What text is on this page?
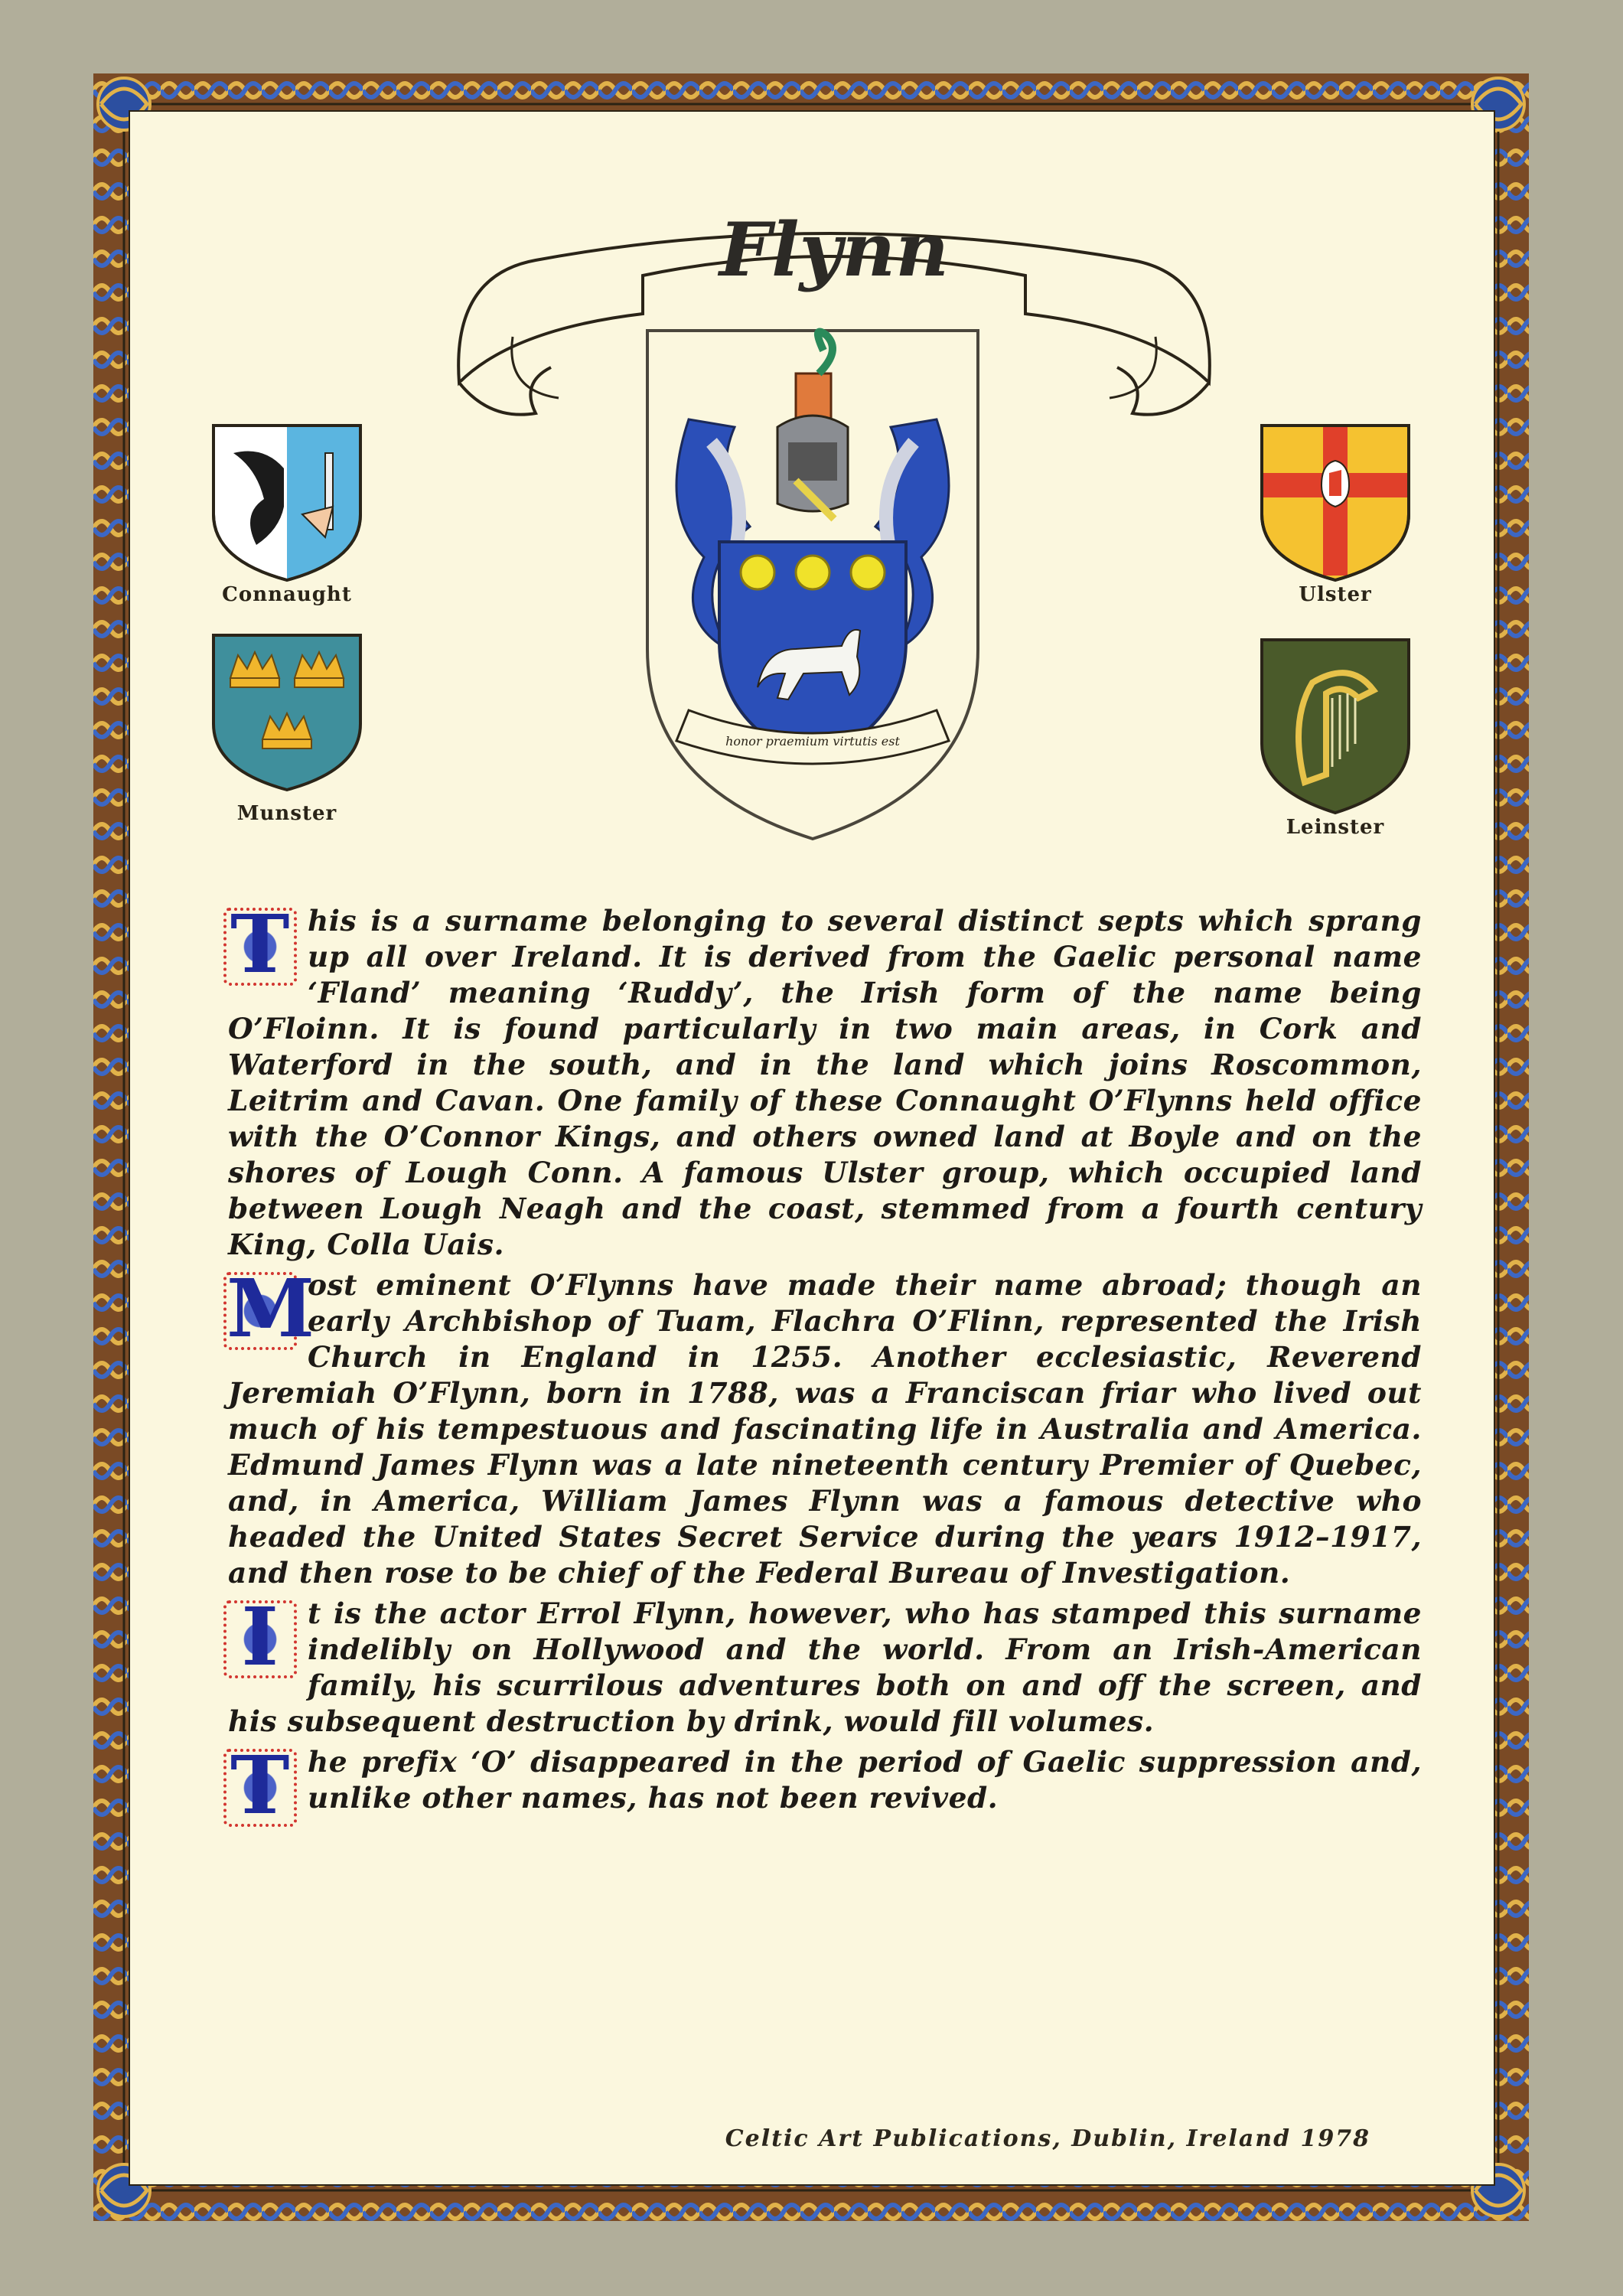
Flynn
honor praemium virtutis est
Connaught
Munster
Ulster
Leinster

T his is a surname belonging to several distinct septs which sprang up all over Ireland. It is derived from the Gaelic personal name ‘Fland’ meaning ‘Ruddy’, the Irish form of the name being O’Floinn. It is found particularly in two main areas, in Cork and Waterford in the south, and in the land which joins Roscommon, Leitrim and Cavan. One family of these Connaught O’Flynns held office with the O’Connor Kings, and others owned land at Boyle and on the shores of Lough Conn. A famous Ulster group, which occupied land between Lough Neagh and the coast, stemmed from a fourth century King, Colla Uais.

M
ost eminent O’Flynns have made their name abroad; though an early Archbishop of Tuam, Flachra O’Flinn, represented the Irish Church in England in 1255. Another ecclesiastic, Reverend Jeremiah O’Flynn, born in 1788, was a Franciscan friar who lived out much of his tempestuous and fascinating life in Australia and America. Edmund James Flynn was a late nineteenth century Premier of Quebec, and, in America, William James Flynn was a famous detective who headed the United States Secret Service during the years 1912–1917, and then rose to be chief of the Federal Bureau of Investigation.

I t is the actor Errol Flynn, however, who has stamped this surname indelibly on Hollywood and the world. From an Irish-American family, his scurrilous adventures both on and off the screen, and his subsequent destruction by drink, would fill volumes.

T he prefix ‘O’ disappeared in the period of Gaelic suppression and, unlike other names, has not been revived.

Celtic Art Publications, Dublin, Ireland 1978
